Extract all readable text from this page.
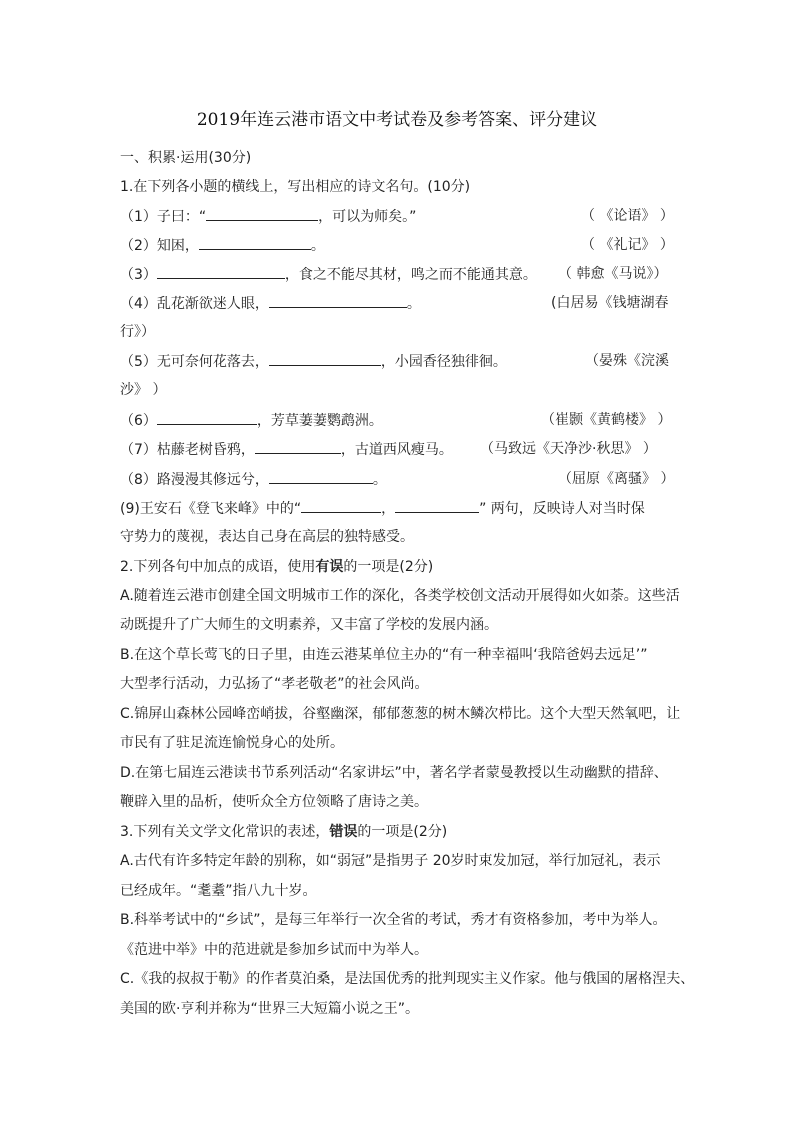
2019年连云港市语文中考试卷及参考答案、评分建议
一、积累·运用(30分)
1.在下列各小题的横线上，写出相应的诗文名句。(10分)
（1）子曰：“	，可以为师矣。”	（ 《论语》 ）
（2）知困，	。	（ 《礼记》 ）
（3）	，食之不能尽其材，鸣之而不能通其意。 （ 韩愈《马说》）
（4）乱花渐欲迷人眼，	。	(白居易《钱塘湖春
行》）
（5）无可奈何花落去，	，小园香径独徘徊。	（晏殊《浣溪
沙》 ）
（6）	，芳草萋萋鹦鹉洲。	（崔颢《黄鹤楼》 ）
（7）枯藤老树昏鸦，	，古道西风瘦马。 （马致远《天净沙·秋思》 ）
（8）路漫漫其修远兮，	。	（屈原《离骚》 ）
(9)王安石《登飞来峰》中的“	，	” 两句，反映诗人对当时保
守势力的蔑视，表达自己身在高层的独特感受。
2.下列各句中加点的成语，使用有误的一项是(2分)
A.随着连云港市创建全国文明城市工作的深化，各类学校创文活动开展得如火如荼。这些活
动既提升了广大师生的文明素养，又丰富了学校的发展内涵。
B.在这个草长莺飞的日子里，由连云港某单位主办的“有一种幸福叫‘我陪爸妈去远足’”
大型孝行活动，力弘扬了“孝老敬老”的社会风尚。
C.锦屏山森林公园峰峦峭拔，谷壑幽深，郁郁葱葱的树木鳞次栉比。这个大型天然氧吧，让
市民有了驻足流连愉悦身心的处所。
D.在第七届连云港读书节系列活动“名家讲坛”中，著名学者蒙曼教授以生动幽默的措辞、
鞭辟入里的品析，使听众全方位领略了唐诗之美。
3.下列有关文学文化常识的表述，错误的一项是(2分)
A.古代有许多特定年龄的别称，如“弱冠”是指男子 20岁时束发加冠，举行加冠礼，表示
已经成年。“耄耋”指八九十岁。
B.科举考试中的“乡试”，是每三年举行一次全省的考试，秀才有资格参加，考中为举人。
《范进中举》中的范进就是参加乡试而中为举人。
C.《我的叔叔于勒》的作者莫泊桑，是法国优秀的批判现实主义作家。他与俄国的屠格涅夫、
美国的欧·亨利并称为“世界三大短篇小说之王”。
